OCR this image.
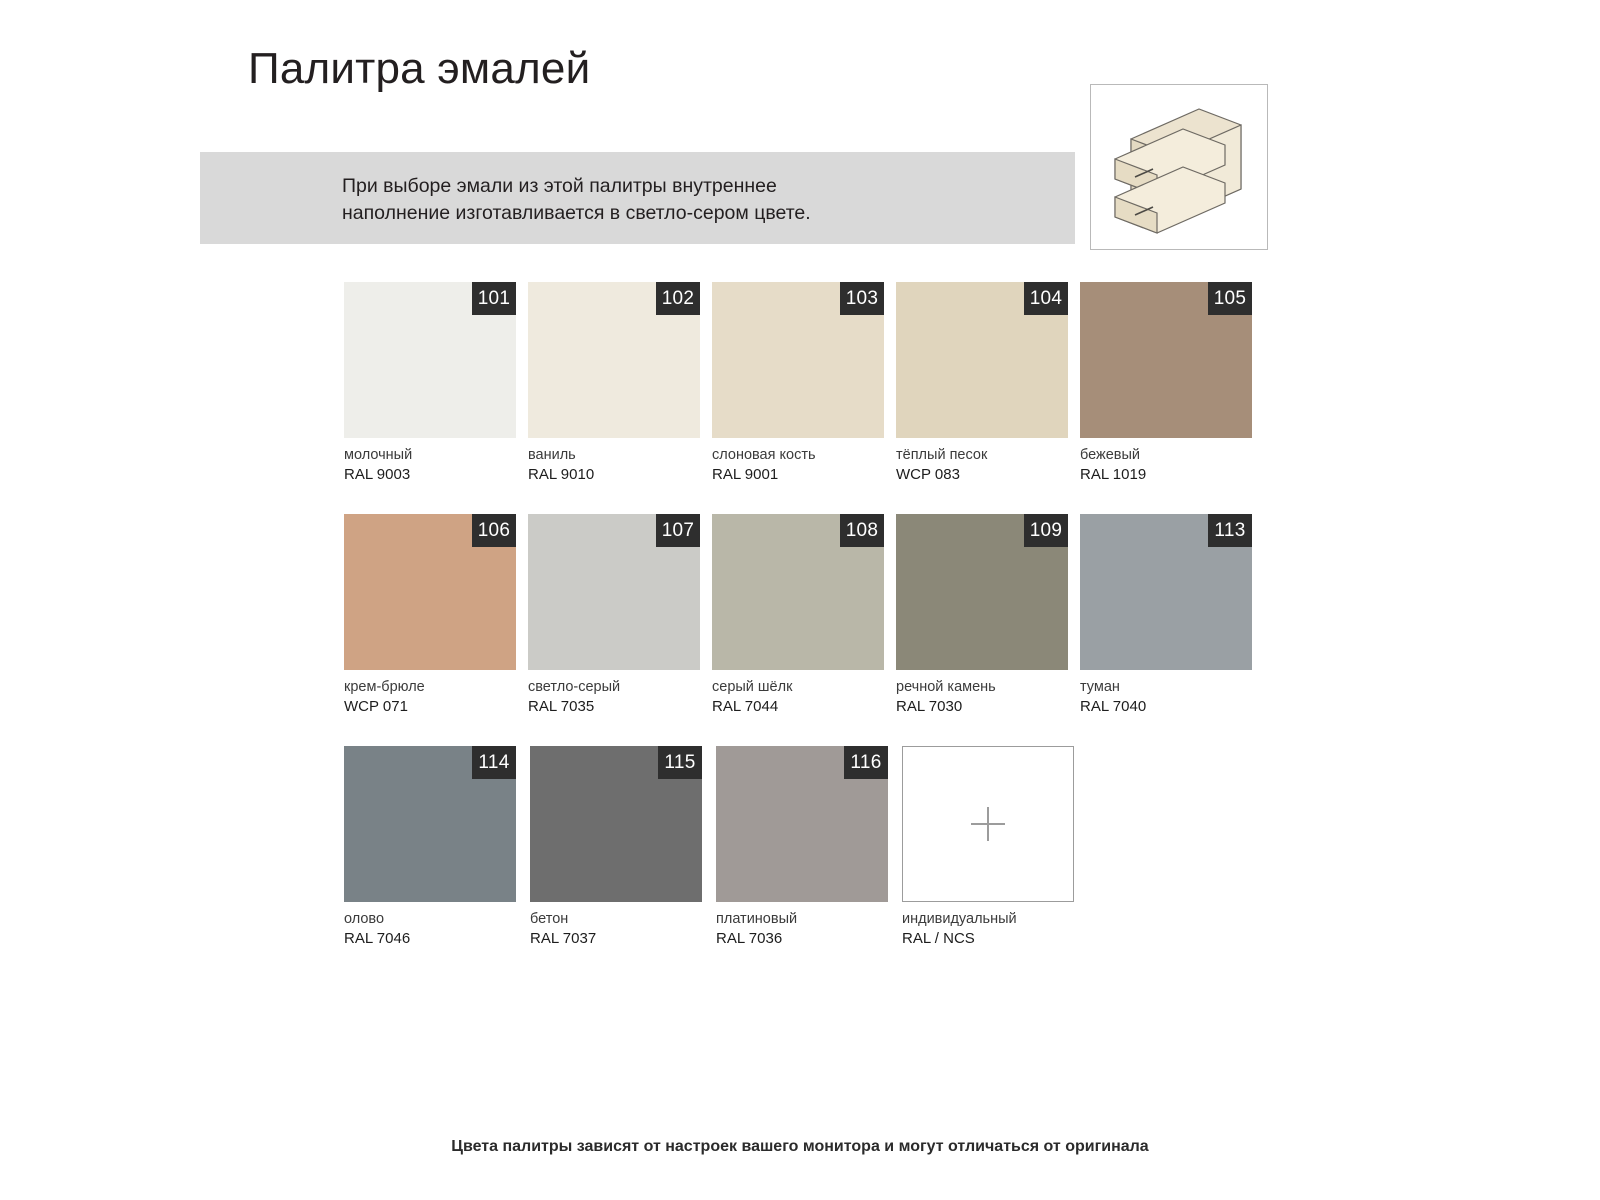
Палитра эмалей
При выборе эмали из этой палитры внутреннее
наполнение изготавливается в светло-сером цвете.
101
молочный
RAL 9003
102
ваниль
RAL 9010
103
слоновая кость
RAL 9001
104
тёплый песок
WCP 083
105
бежевый
RAL 1019
106
крем-брюле
WCP 071
107
светло-серый
RAL 7035
108
серый шёлк
RAL 7044
109
речной камень
RAL 7030
113
туман
RAL 7040
114
олово
RAL 7046
115
бетон
RAL 7037
116
платиновый
RAL 7036
индивидуальный
RAL / NCS
Цвета палитры зависят от настроек вашего монитора и могут отличаться от оригинала
